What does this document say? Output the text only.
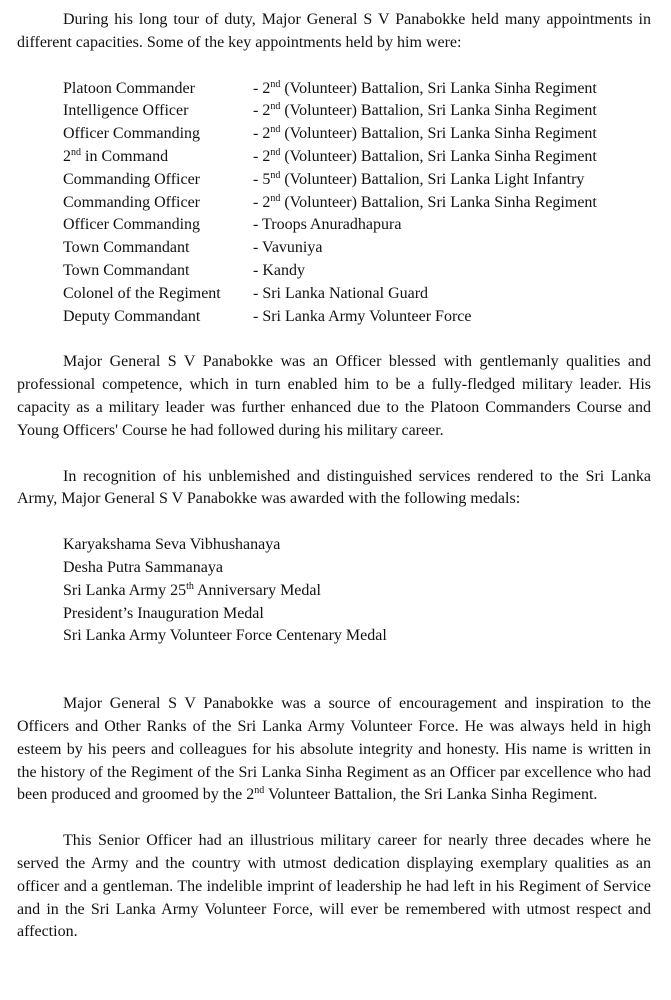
During his long tour of duty, Major General S V Panabokke held many appointments in different capacities. Some of the key appointments held by him were:

Platoon Commander	- 2nd (Volunteer) Battalion, Sri Lanka Sinha Regiment
Intelligence Officer	- 2nd (Volunteer) Battalion, Sri Lanka Sinha Regiment
Officer Commanding	- 2nd (Volunteer) Battalion, Sri Lanka Sinha Regiment
2nd in Command	- 2nd (Volunteer) Battalion, Sri Lanka Sinha Regiment
Commanding Officer	- 5nd (Volunteer) Battalion, Sri Lanka Light Infantry
Commanding Officer	- 2nd (Volunteer) Battalion, Sri Lanka Sinha Regiment
Officer Commanding	- Troops Anuradhapura
Town Commandant	- Vavuniya
Town Commandant	- Kandy
Colonel of the Regiment	- Sri Lanka National Guard
Deputy Commandant	- Sri Lanka Army Volunteer Force

Major General S V Panabokke was an Officer blessed with gentlemanly qualities and professional competence, which in turn enabled him to be a fully-fledged military leader. His capacity as a military leader was further enhanced due to the Platoon Commanders Course and Young Officers' Course he had followed during his military career.

In recognition of his unblemished and distinguished services rendered to the Sri Lanka Army, Major General S V Panabokke was awarded with the following medals:

Karyakshama Seva Vibhushanaya
Desha Putra Sammanaya
Sri Lanka Army 25th Anniversary Medal
President’s Inauguration Medal
Sri Lanka Army Volunteer Force Centenary Medal

Major General S V Panabokke was a source of encouragement and inspiration to the Officers and Other Ranks of the Sri Lanka Army Volunteer Force. He was always held in high esteem by his peers and colleagues for his absolute integrity and honesty. His name is written in the history of the Regiment of the Sri Lanka Sinha Regiment as an Officer par excellence who had been produced and groomed by the 2nd Volunteer Battalion, the Sri Lanka Sinha Regiment.

This Senior Officer had an illustrious military career for nearly three decades where he served the Army and the country with utmost dedication displaying exemplary qualities as an officer and a gentleman. The indelible imprint of leadership he had left in his Regiment of Service and in the Sri Lanka Army Volunteer Force, will ever be remembered with utmost respect and affection.
